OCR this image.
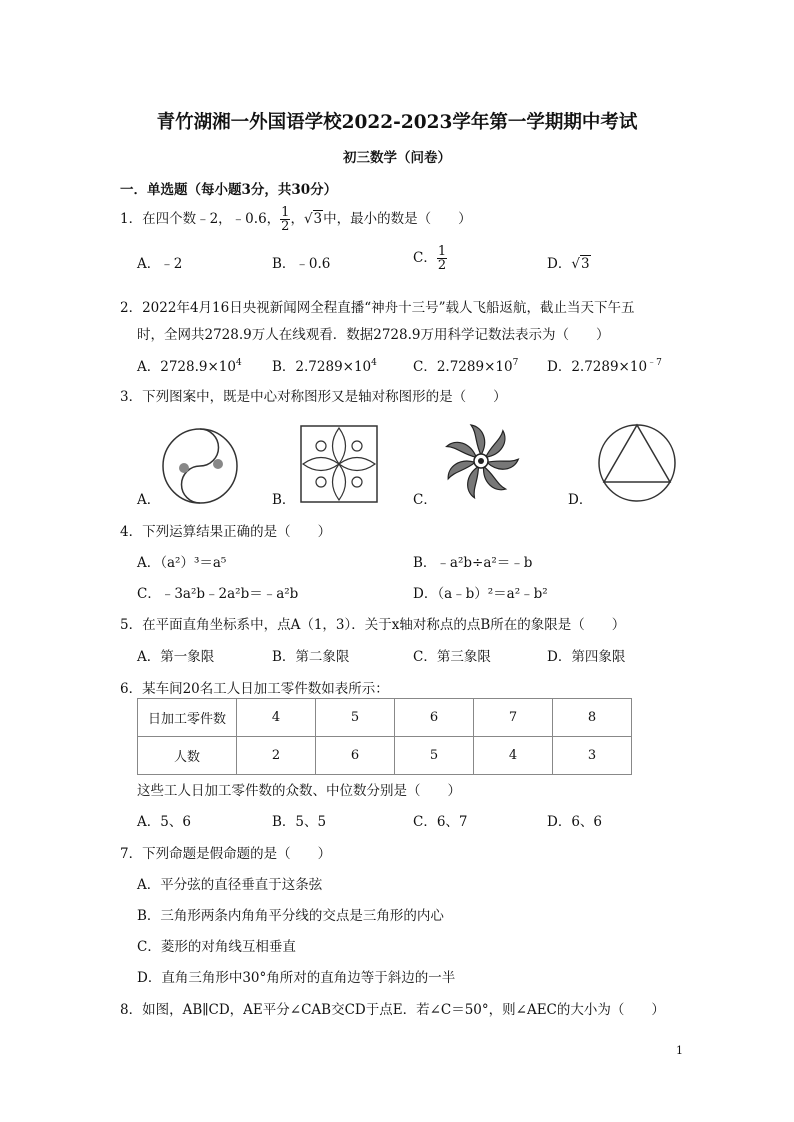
青竹湖湘一外国语学校2022-2023学年第一学期期中考试
初三数学（问卷）
一．单选题（每小题3分，共30分）
1．在四个数﹣2，﹣0.6， $\frac{1}{2}$ ，√3中，最小的数是（　　）
A．﹣2	B．﹣0.6	C． $\frac{1}{2}$	D．√3
2．2022年4月16日央视新闻网全程直播“神舟十三号”载人飞船返航，截止当天下午五
时，全网共2728.9万人在线观看．数据2728.9万用科学记数法表示为（　　）
A．$2728.9\times 10^4$ B．$2.7289\times 10^4$	C．$2.7289\times 10^7$ D．$2.7289\times 10^{﹣7}$
3．下列图案中，既是中心对称图形又是轴对称图形的是（　　）
A．	B．	C．	D．
4．下列运算结果正确的是（　　）
A．（a²）³＝a⁵	B．﹣a²b÷a²＝﹣b
C．﹣3a²b﹣2a²b＝﹣a²b	D．（a﹣b）²＝a²﹣b²
5．在平面直角坐标系中，点A（1，3）．关于x轴对称点的点B所在的象限是（　　）
A．第一象限	B．第二象限	C．第三象限	D．第四象限
6．某车间20名工人日加工零件数如表所示：
日加工零件数	4	5	6	7	8
人数	2	6	5	4	3
这些工人日加工零件数的众数、中位数分别是（　　）
A．5、6	B．5、5	C．6、7	D．6、6
7．下列命题是假命题的是（　　）
A．平分弦的直径垂直于这条弦
B．三角形两条内角角平分线的交点是三角形的内心
C．菱形的对角线互相垂直
D．直角三角形中30°角所对的直角边等于斜边的一半
8．如图，AB∥CD，AE平分∠CAB交CD于点E．若∠C＝50°，则∠AEC的大小为（　　）
1
